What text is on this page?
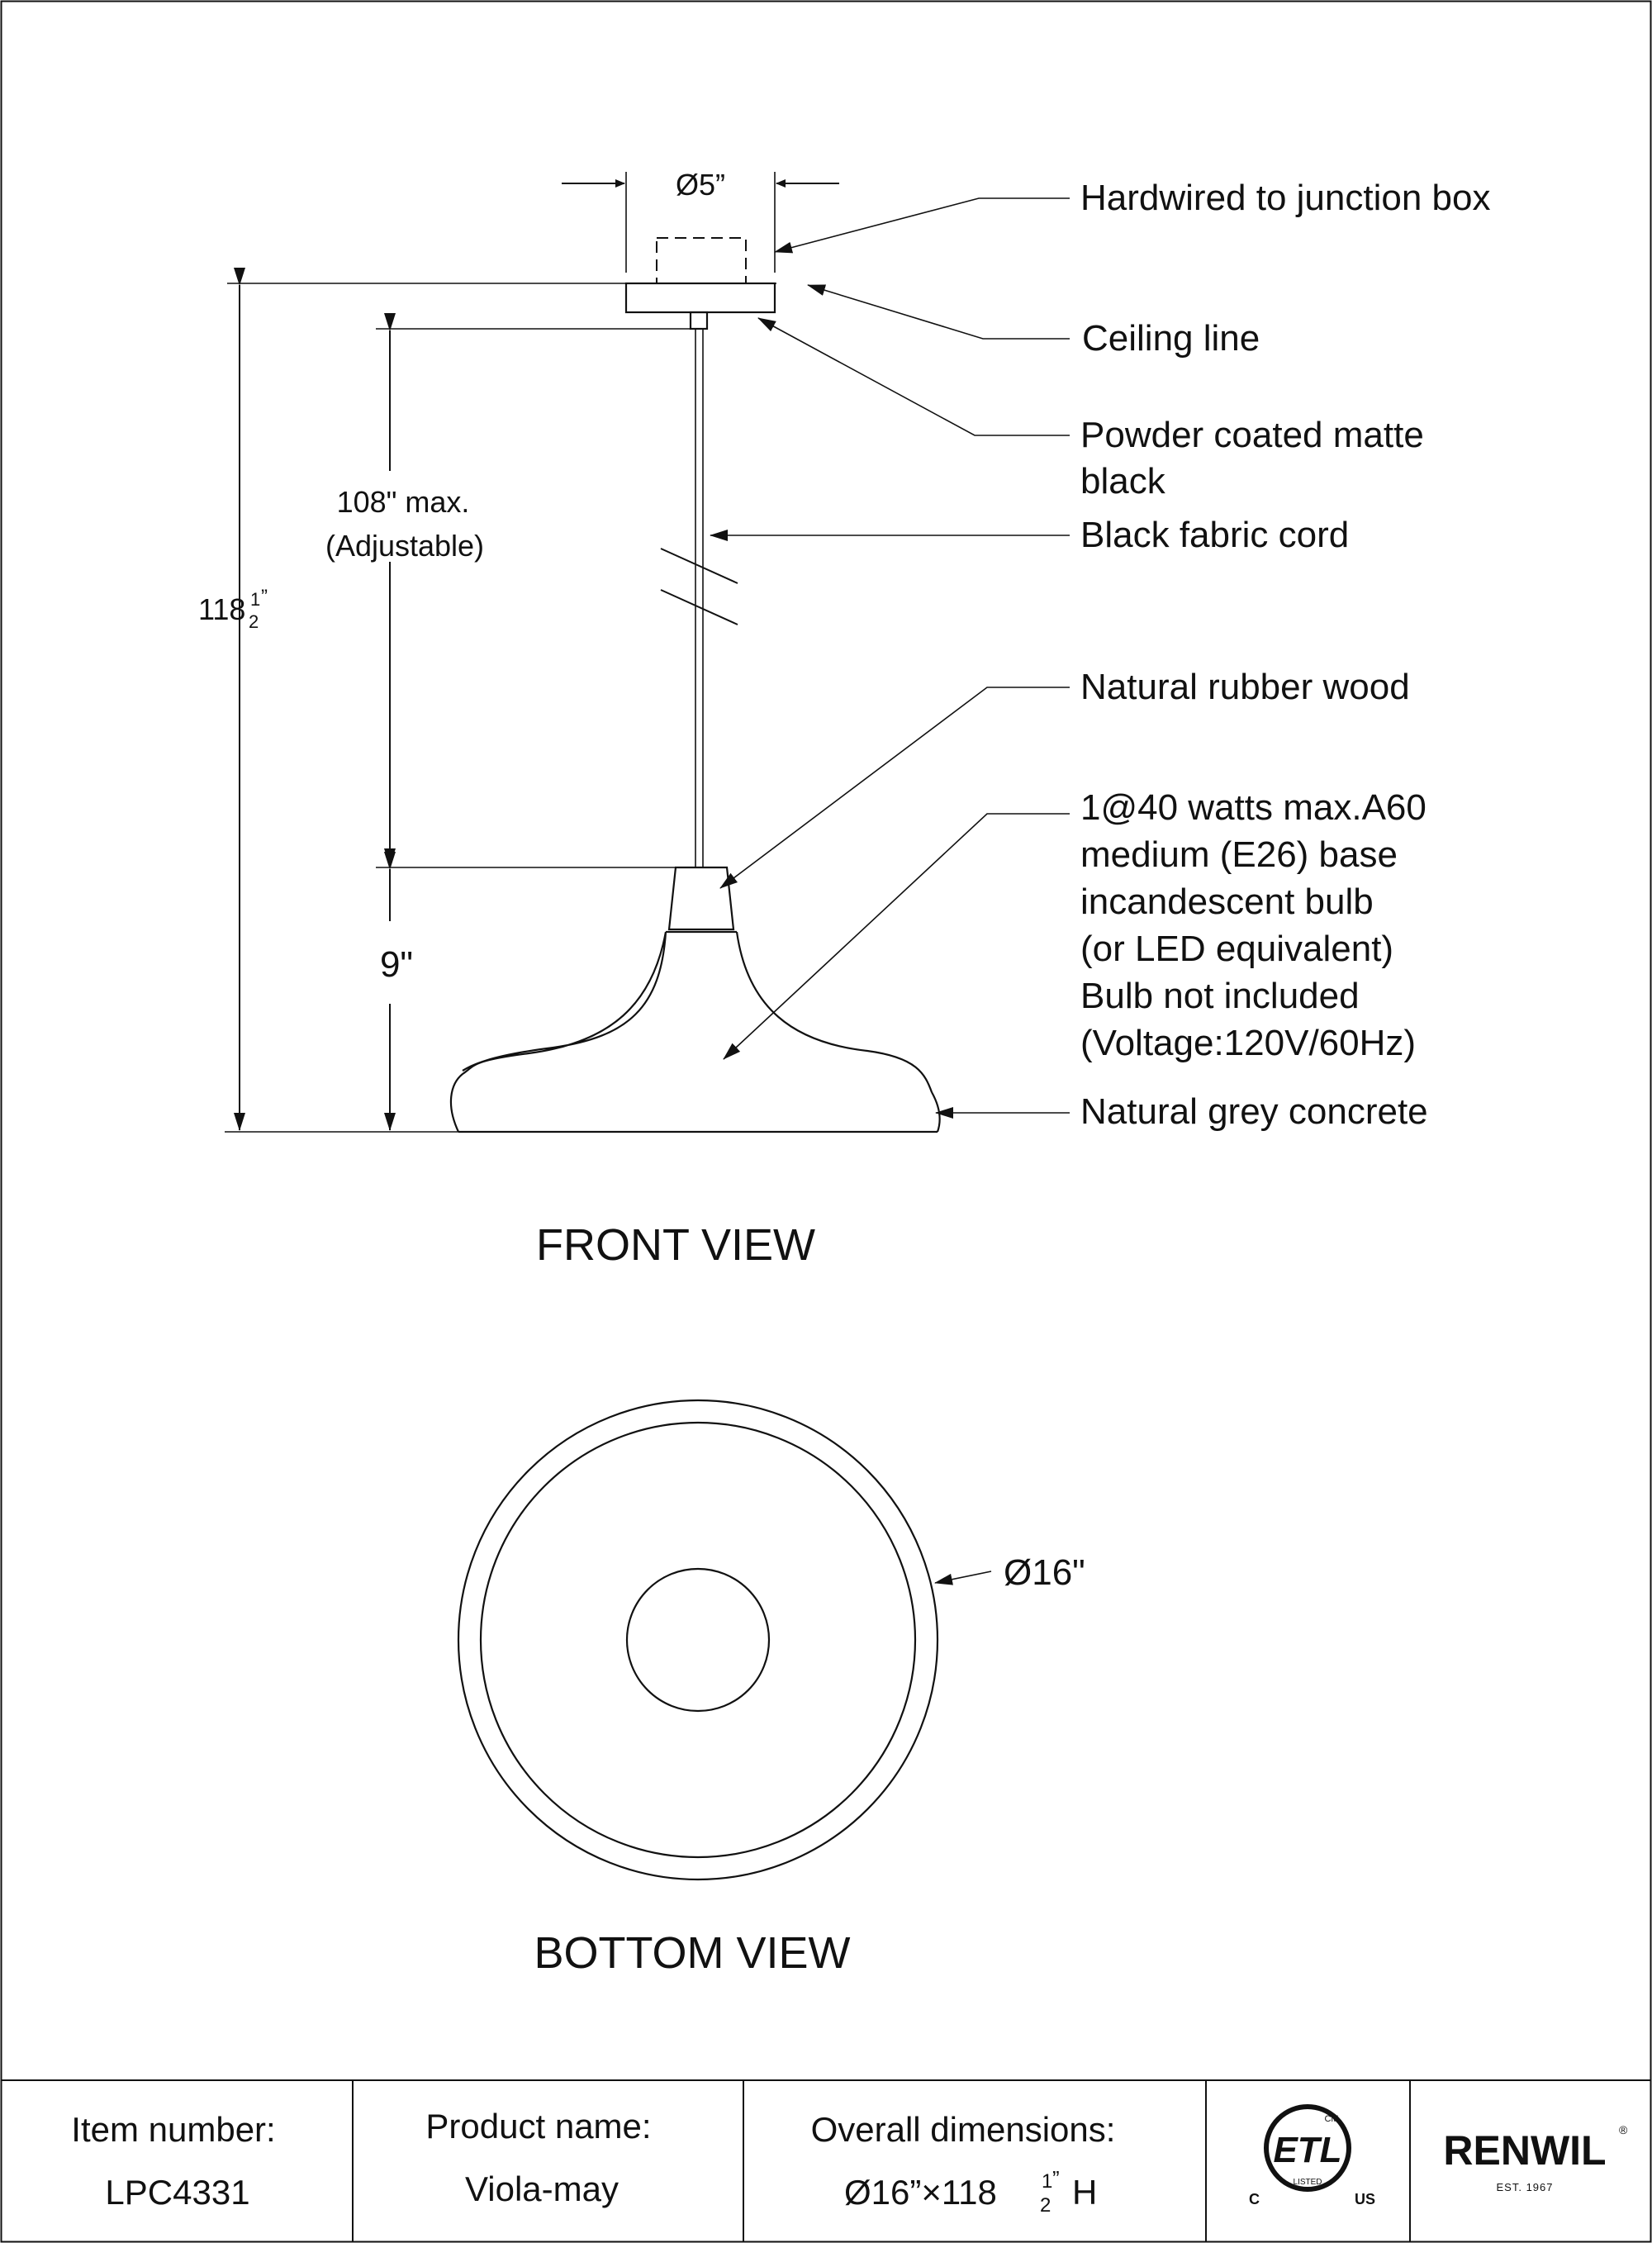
118 1
2
”
108" max.
(Adjustable)
9"
Ø5”
FRONT VIEW
Hardwired to junction box
Ceiling line
Powder coated matte
black
Black fabric cord
Natural rubber wood
1@40 watts max.A60
medium (E26) base
incandescent bulb
(or LED equivalent)
Bulb not included
(Voltage:120V/60Hz)
Natural grey concrete
Ø16"
BOTTOM VIEW
Item number:
LPC4331
Product name:
Viola-may
Overall dimensions:
Ø16”×118 1
2
” H
ETL
CM
LISTED
C	US
RENWIL ®
EST. 1967
